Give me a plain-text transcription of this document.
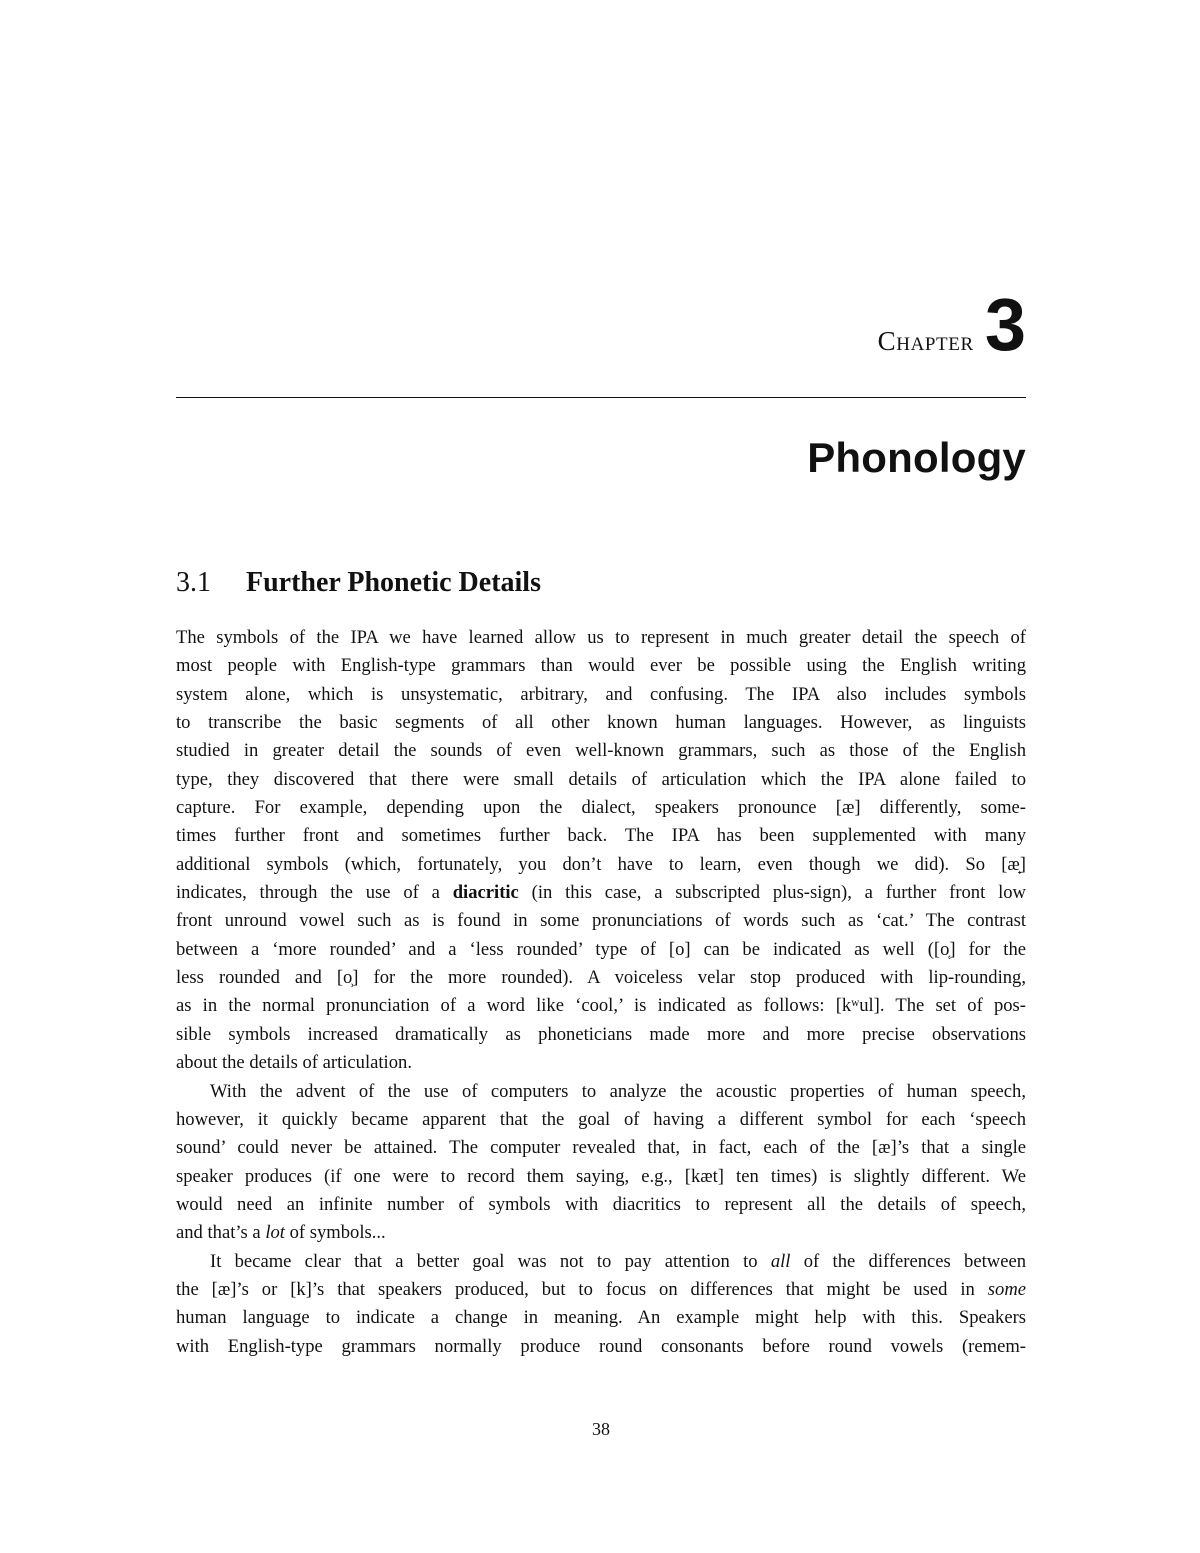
Chapter 3
Phonology
3.1 Further Phonetic Details
The symbols of the IPA we have learned allow us to represent in much greater detail the speech of
most people with English-type grammars than would ever be possible using the English writing
system alone, which is unsystematic, arbitrary, and confusing. The IPA also includes symbols
to transcribe the basic segments of all other known human languages. However, as linguists
studied in greater detail the sounds of even well-known grammars, such as those of the English
type, they discovered that there were small details of articulation which the IPA alone failed to
capture. For example, depending upon the dialect, speakers pronounce [æ] differently, some-
times further front and sometimes further back. The IPA has been supplemented with many
additional symbols (which, fortunately, you don’t have to learn, even though we did). So [æ̟]
indicates, through the use of a diacritic (in this case, a subscripted plus-sign), a further front low
front unround vowel such as is found in some pronunciations of words such as ‘cat.’ The contrast
between a ‘more rounded’ and a ‘less rounded’ type of [o] can be indicated as well ([o̜] for the
less rounded and [o̹] for the more rounded). A voiceless velar stop produced with lip-rounding,
as in the normal pronunciation of a word like ‘cool,’ is indicated as follows: [kʷul]. The set of pos-
sible symbols increased dramatically as phoneticians made more and more precise observations
about the details of articulation.
With the advent of the use of computers to analyze the acoustic properties of human speech,
however, it quickly became apparent that the goal of having a different symbol for each ‘speech
sound’ could never be attained. The computer revealed that, in fact, each of the [æ]’s that a single
speaker produces (if one were to record them saying, e.g., [kæt] ten times) is slightly different. We
would need an infinite number of symbols with diacritics to represent all the details of speech,
and that’s a lot of symbols...
It became clear that a better goal was not to pay attention to all of the differences between
the [æ]’s or [k]’s that speakers produced, but to focus on differences that might be used in some
human language to indicate a change in meaning. An example might help with this. Speakers
with English-type grammars normally produce round consonants before round vowels (remem-
38
